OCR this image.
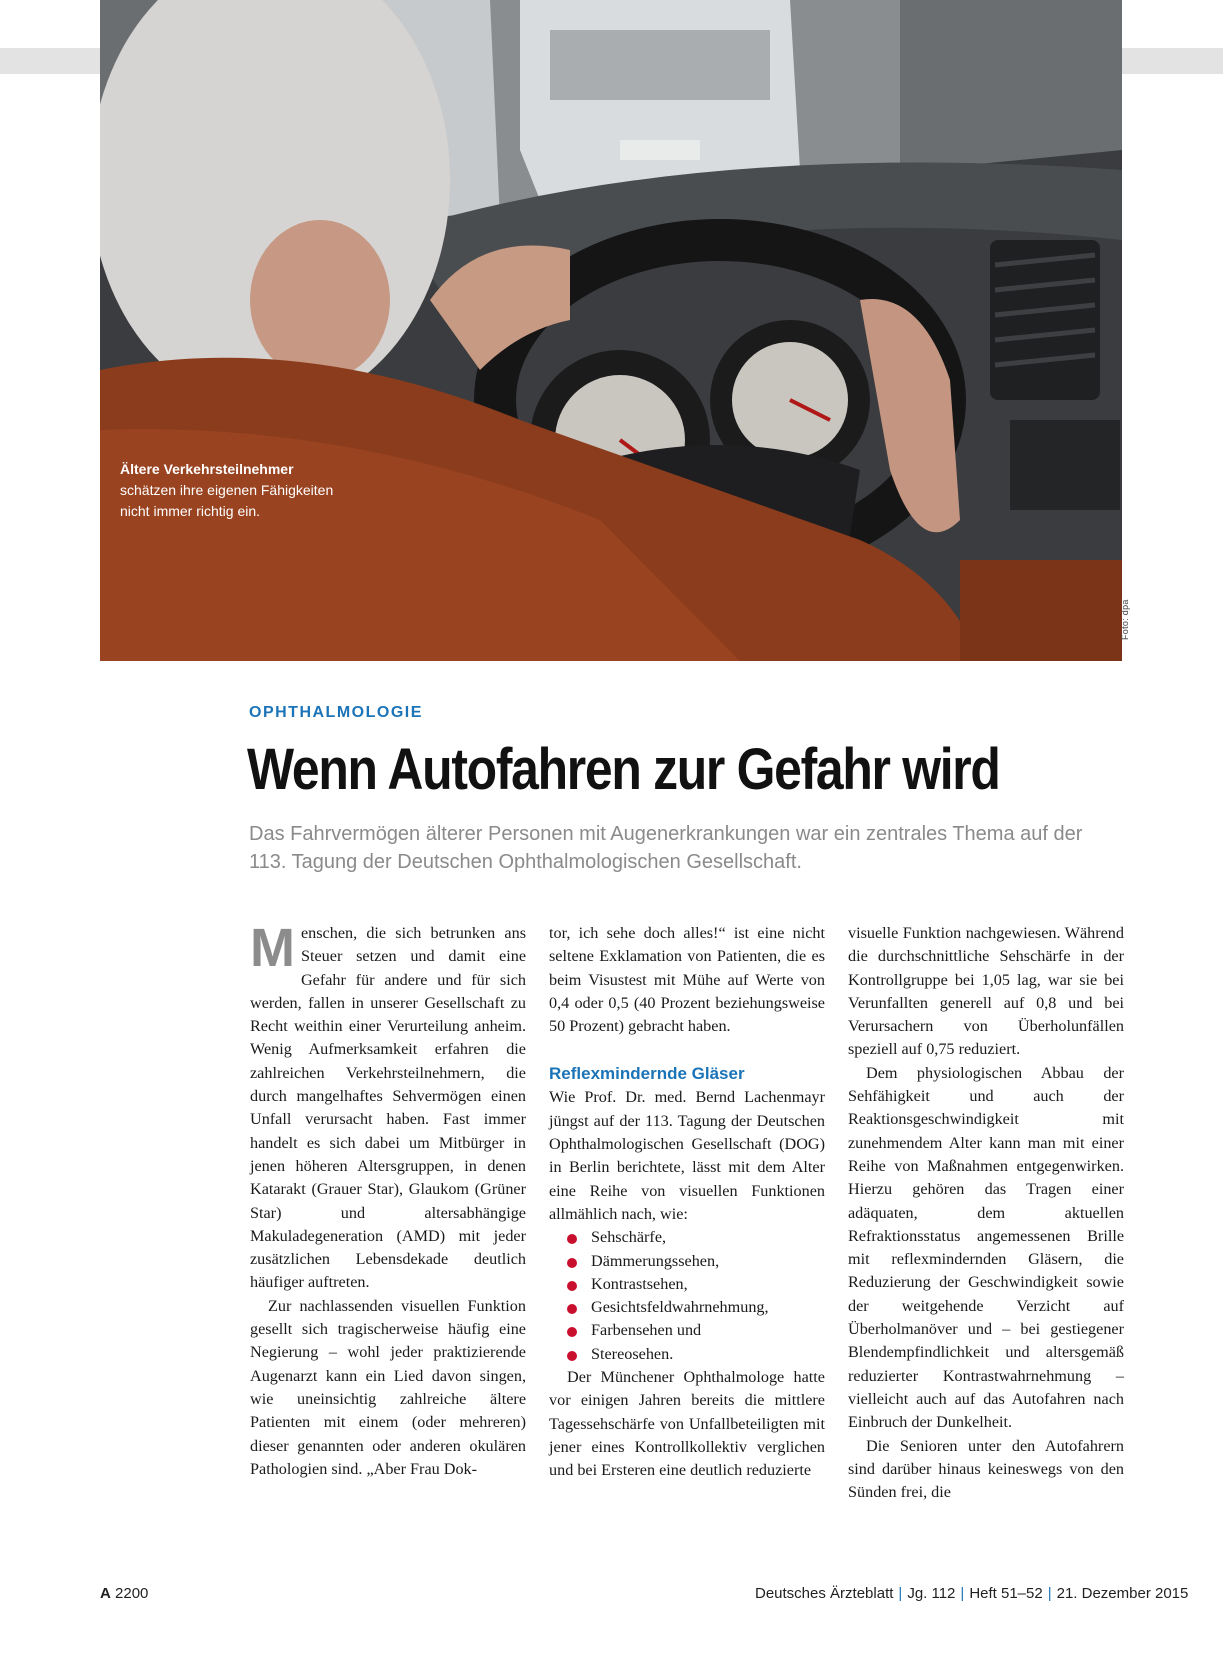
Ältere Verkehrsteilnehmer
schätzen ihre eigenen Fähigkeiten
nicht immer richtig ein.
Foto: dpa
OPHTHALMOLOGIE
Wenn Autofahren zur Gefahr wird

Das Fahrvermögen älterer Personen mit Augenerkrankungen war ein zentrales Thema auf der 113. Tagung der Deutschen Ophthalmologischen Gesellschaft.

Menschen, die sich betrunken ans Steuer setzen und damit eine Gefahr für andere und für sich werden, fallen in unserer Gesellschaft zu Recht weithin einer Verurteilung anheim. Wenig Aufmerksamkeit erfahren die zahlreichen Verkehrsteilnehmern, die durch mangelhaftes Sehvermögen einen Unfall verursacht haben. Fast immer handelt es sich dabei um Mitbürger in jenen höheren Altersgruppen, in denen Katarakt (Grauer Star), Glaukom (Grüner Star) und altersabhängige Makuladegeneration (AMD) mit jeder zusätzlichen Lebensdekade deutlich häufiger auftreten.

Zur nachlassenden visuellen Funktion gesellt sich tragischerweise häufig eine Negierung – wohl jeder praktizierende Augenarzt kann ein Lied davon singen, wie uneinsichtig zahlreiche ältere Patienten mit einem (oder mehreren) dieser genannten oder anderen okulären Pathologien sind. „Aber Frau Dok-

tor, ich sehe doch alles!“ ist eine nicht seltene Exklamation von Patienten, die es beim Visustest mit Mühe auf Werte von 0,4 oder 0,5 (40 Prozent beziehungsweise 50 Prozent) gebracht haben.

Reflexmindernde Gläser

Wie Prof. Dr. med. Bernd Lachenmayr jüngst auf der 113. Tagung der Deutschen Ophthalmologischen Gesellschaft (DOG) in Berlin berichtete, lässt mit dem Alter eine Reihe von visuellen Funktionen allmählich nach, wie:

Sehschärfe,
Dämmerungssehen,
Kontrastsehen,
Gesichtsfeldwahrnehmung,
Farbensehen und
Stereosehen.

Der Münchener Ophthalmologe hatte vor einigen Jahren bereits die mittlere Tagessehschärfe von Unfallbeteiligten mit jener eines Kontrollkollektiv verglichen und bei Ersteren eine deutlich reduzierte

visuelle Funktion nachgewiesen. Während die durchschnittliche Sehschärfe in der Kontrollgruppe bei 1,05 lag, war sie bei Verunfallten generell auf 0,8 und bei Verursachern von Überholunfällen speziell auf 0,75 reduziert.

Dem physiologischen Abbau der Sehfähigkeit und auch der Reaktionsgeschwindigkeit mit zunehmendem Alter kann man mit einer Reihe von Maßnahmen entgegenwirken. Hierzu gehören das Tragen einer adäquaten, dem aktuellen Refraktionsstatus angemessenen Brille mit reflexmindernden Gläsern, die Reduzierung der Geschwindigkeit sowie der weitgehende Verzicht auf Überholmanöver und – bei gestiegener Blendempfindlichkeit und altersgemäß reduzierter Kontrastwahrnehmung – vielleicht auch auf das Autofahren nach Einbruch der Dunkelheit.

Die Senioren unter den Autofahrern sind darüber hinaus keineswegs von den Sünden frei, die

A 2200	Deutsches Ärzteblatt | Jg. 112 | Heft 51–52 | 21. Dezember 2015
